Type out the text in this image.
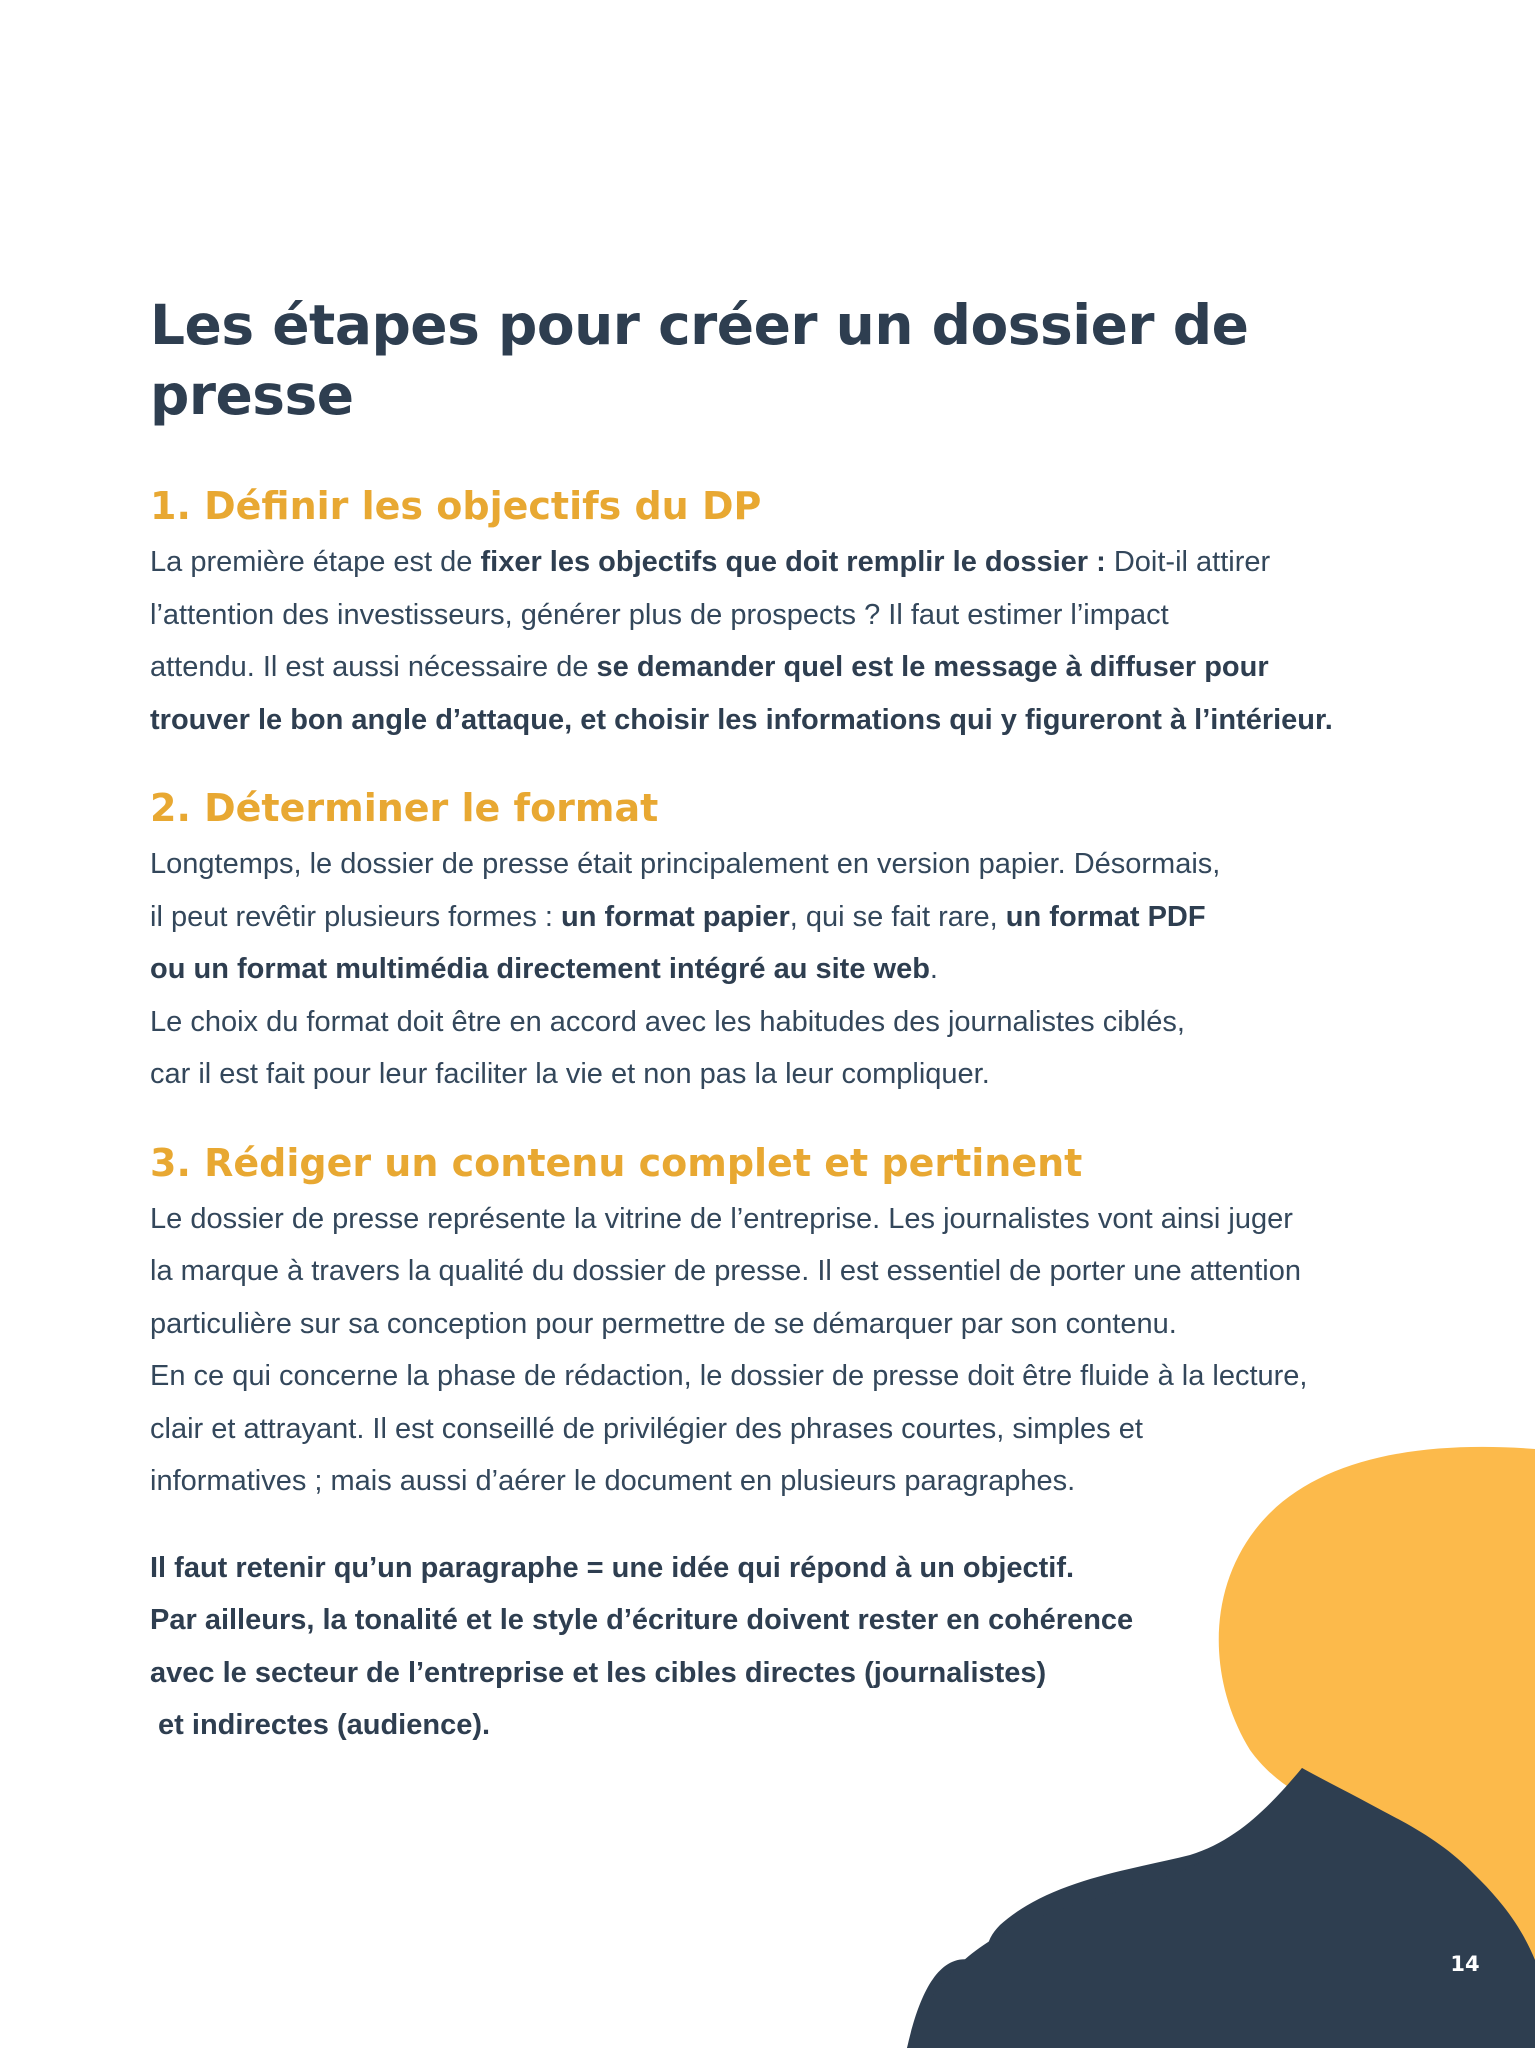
Les étapes pour créer un dossier de presse
1. Définir les objectifs du DP

La première étape est de fixer les objectifs que doit remplir le dossier : Doit-il attirer
l’attention des investisseurs, générer plus de prospects ? Il faut estimer l’impact
attendu. Il est aussi nécessaire de se demander quel est le message à diffuser pour
trouver le bon angle d’attaque, et choisir les informations qui y figureront à l’intérieur.

2. Déterminer le format

Longtemps, le dossier de presse était principalement en version papier. Désormais,
il peut revêtir plusieurs formes : un format papier, qui se fait rare, un format PDF
ou un format multimédia directement intégré au site web.
Le choix du format doit être en accord avec les habitudes des journalistes ciblés,
car il est fait pour leur faciliter la vie et non pas la leur compliquer.

3. Rédiger un contenu complet et pertinent

Le dossier de presse représente la vitrine de l’entreprise. Les journalistes vont ainsi juger
la marque à travers la qualité du dossier de presse. Il est essentiel de porter une attention
particulière sur sa conception pour permettre de se démarquer par son contenu.
En ce qui concerne la phase de rédaction, le dossier de presse doit être fluide à la lecture,
clair et attrayant. Il est conseillé de privilégier des phrases courtes, simples et
informatives ; mais aussi d’aérer le document en plusieurs paragraphes.

Il faut retenir qu’un paragraphe = une idée qui répond à un objectif.
Par ailleurs, la tonalité et le style d’écriture doivent rester en cohérence
avec le secteur de l’entreprise et les cibles directes (journalistes)
et indirectes (audience).
14
